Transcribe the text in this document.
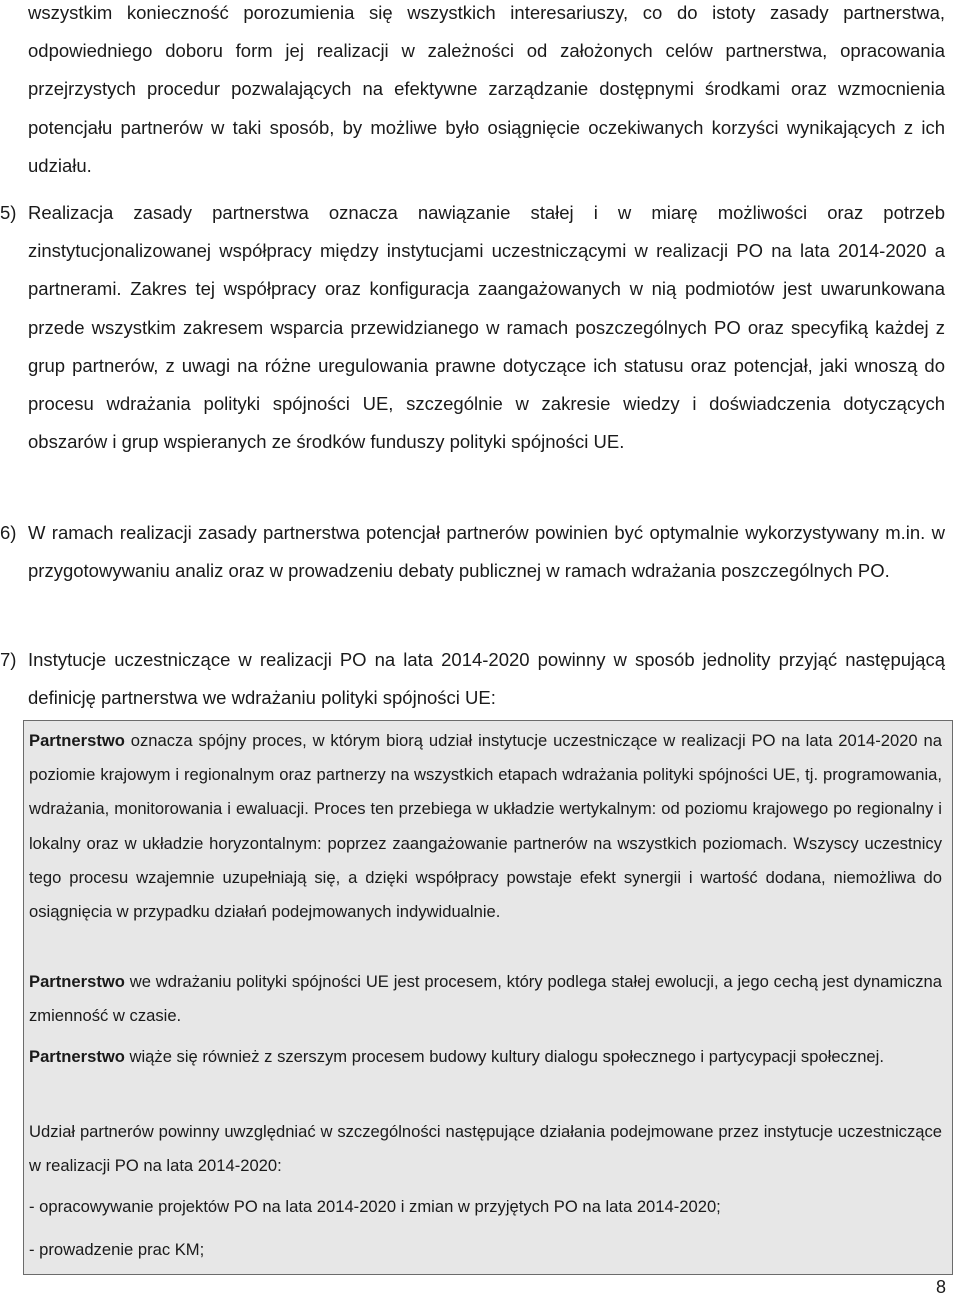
wszystkim konieczność porozumienia się wszystkich interesariuszy, co do istoty zasady partnerstwa, odpowiedniego doboru form jej realizacji w zależności od założonych celów partnerstwa, opracowania przejrzystych procedur pozwalających na efektywne zarządzanie dostępnymi środkami oraz wzmocnienia potencjału partnerów w taki sposób, by możliwe było osiągnięcie oczekiwanych korzyści wynikających z ich udziału.

5) Realizacja zasady partnerstwa oznacza nawiązanie stałej i w miarę możliwości oraz potrzeb zinstytucjonalizowanej współpracy między instytucjami uczestniczącymi w realizacji PO na lata 2014-2020 a partnerami. Zakres tej współpracy oraz konfiguracja zaangażowanych w nią podmiotów jest uwarunkowana przede wszystkim zakresem wsparcia przewidzianego w ramach poszczególnych PO oraz specyfiką każdej z grup partnerów, z uwagi na różne uregulowania prawne dotyczące ich statusu oraz potencjał, jaki wnoszą do procesu wdrażania polityki spójności UE, szczególnie w zakresie wiedzy i doświadczenia dotyczących obszarów i grup wspieranych ze środków funduszy polityki spójności UE.
6) W ramach realizacji zasady partnerstwa potencjał partnerów powinien być optymalnie wykorzystywany m.in. w przygotowywaniu analiz oraz w prowadzeniu debaty publicznej w ramach wdrażania poszczególnych PO.
7) Instytucje uczestniczące w realizacji PO na lata 2014-2020 powinny w sposób jednolity przyjąć następującą definicję partnerstwa we wdrażaniu polityki spójności UE:

Partnerstwo oznacza spójny proces, w którym biorą udział instytucje uczestniczące w realizacji PO na lata 2014-2020 na poziomie krajowym i regionalnym oraz partnerzy na wszystkich etapach wdrażania polityki spójności UE, tj. programowania, wdrażania, monitorowania i ewaluacji. Proces ten przebiega w układzie wertykalnym: od poziomu krajowego po regionalny i lokalny oraz w układzie horyzontalnym: poprzez zaangażowanie partnerów na wszystkich poziomach. Wszyscy uczestnicy tego procesu wzajemnie uzupełniają się, a dzięki współpracy powstaje efekt synergii i wartość dodana, niemożliwa do osiągnięcia w przypadku działań podejmowanych indywidualnie.

Partnerstwo we wdrażaniu polityki spójności UE jest procesem, który podlega stałej ewolucji, a jego cechą jest dynamiczna zmienność w czasie.

Partnerstwo wiąże się również z szerszym procesem budowy kultury dialogu społecznego i partycypacji społecznej.

Udział partnerów powinny uwzględniać w szczególności następujące działania podejmowane przez instytucje uczestniczące w realizacji PO na lata 2014-2020:

- opracowywanie projektów PO na lata 2014-2020 i zmian w przyjętych PO na lata 2014-2020;

- prowadzenie prac KM;

8
